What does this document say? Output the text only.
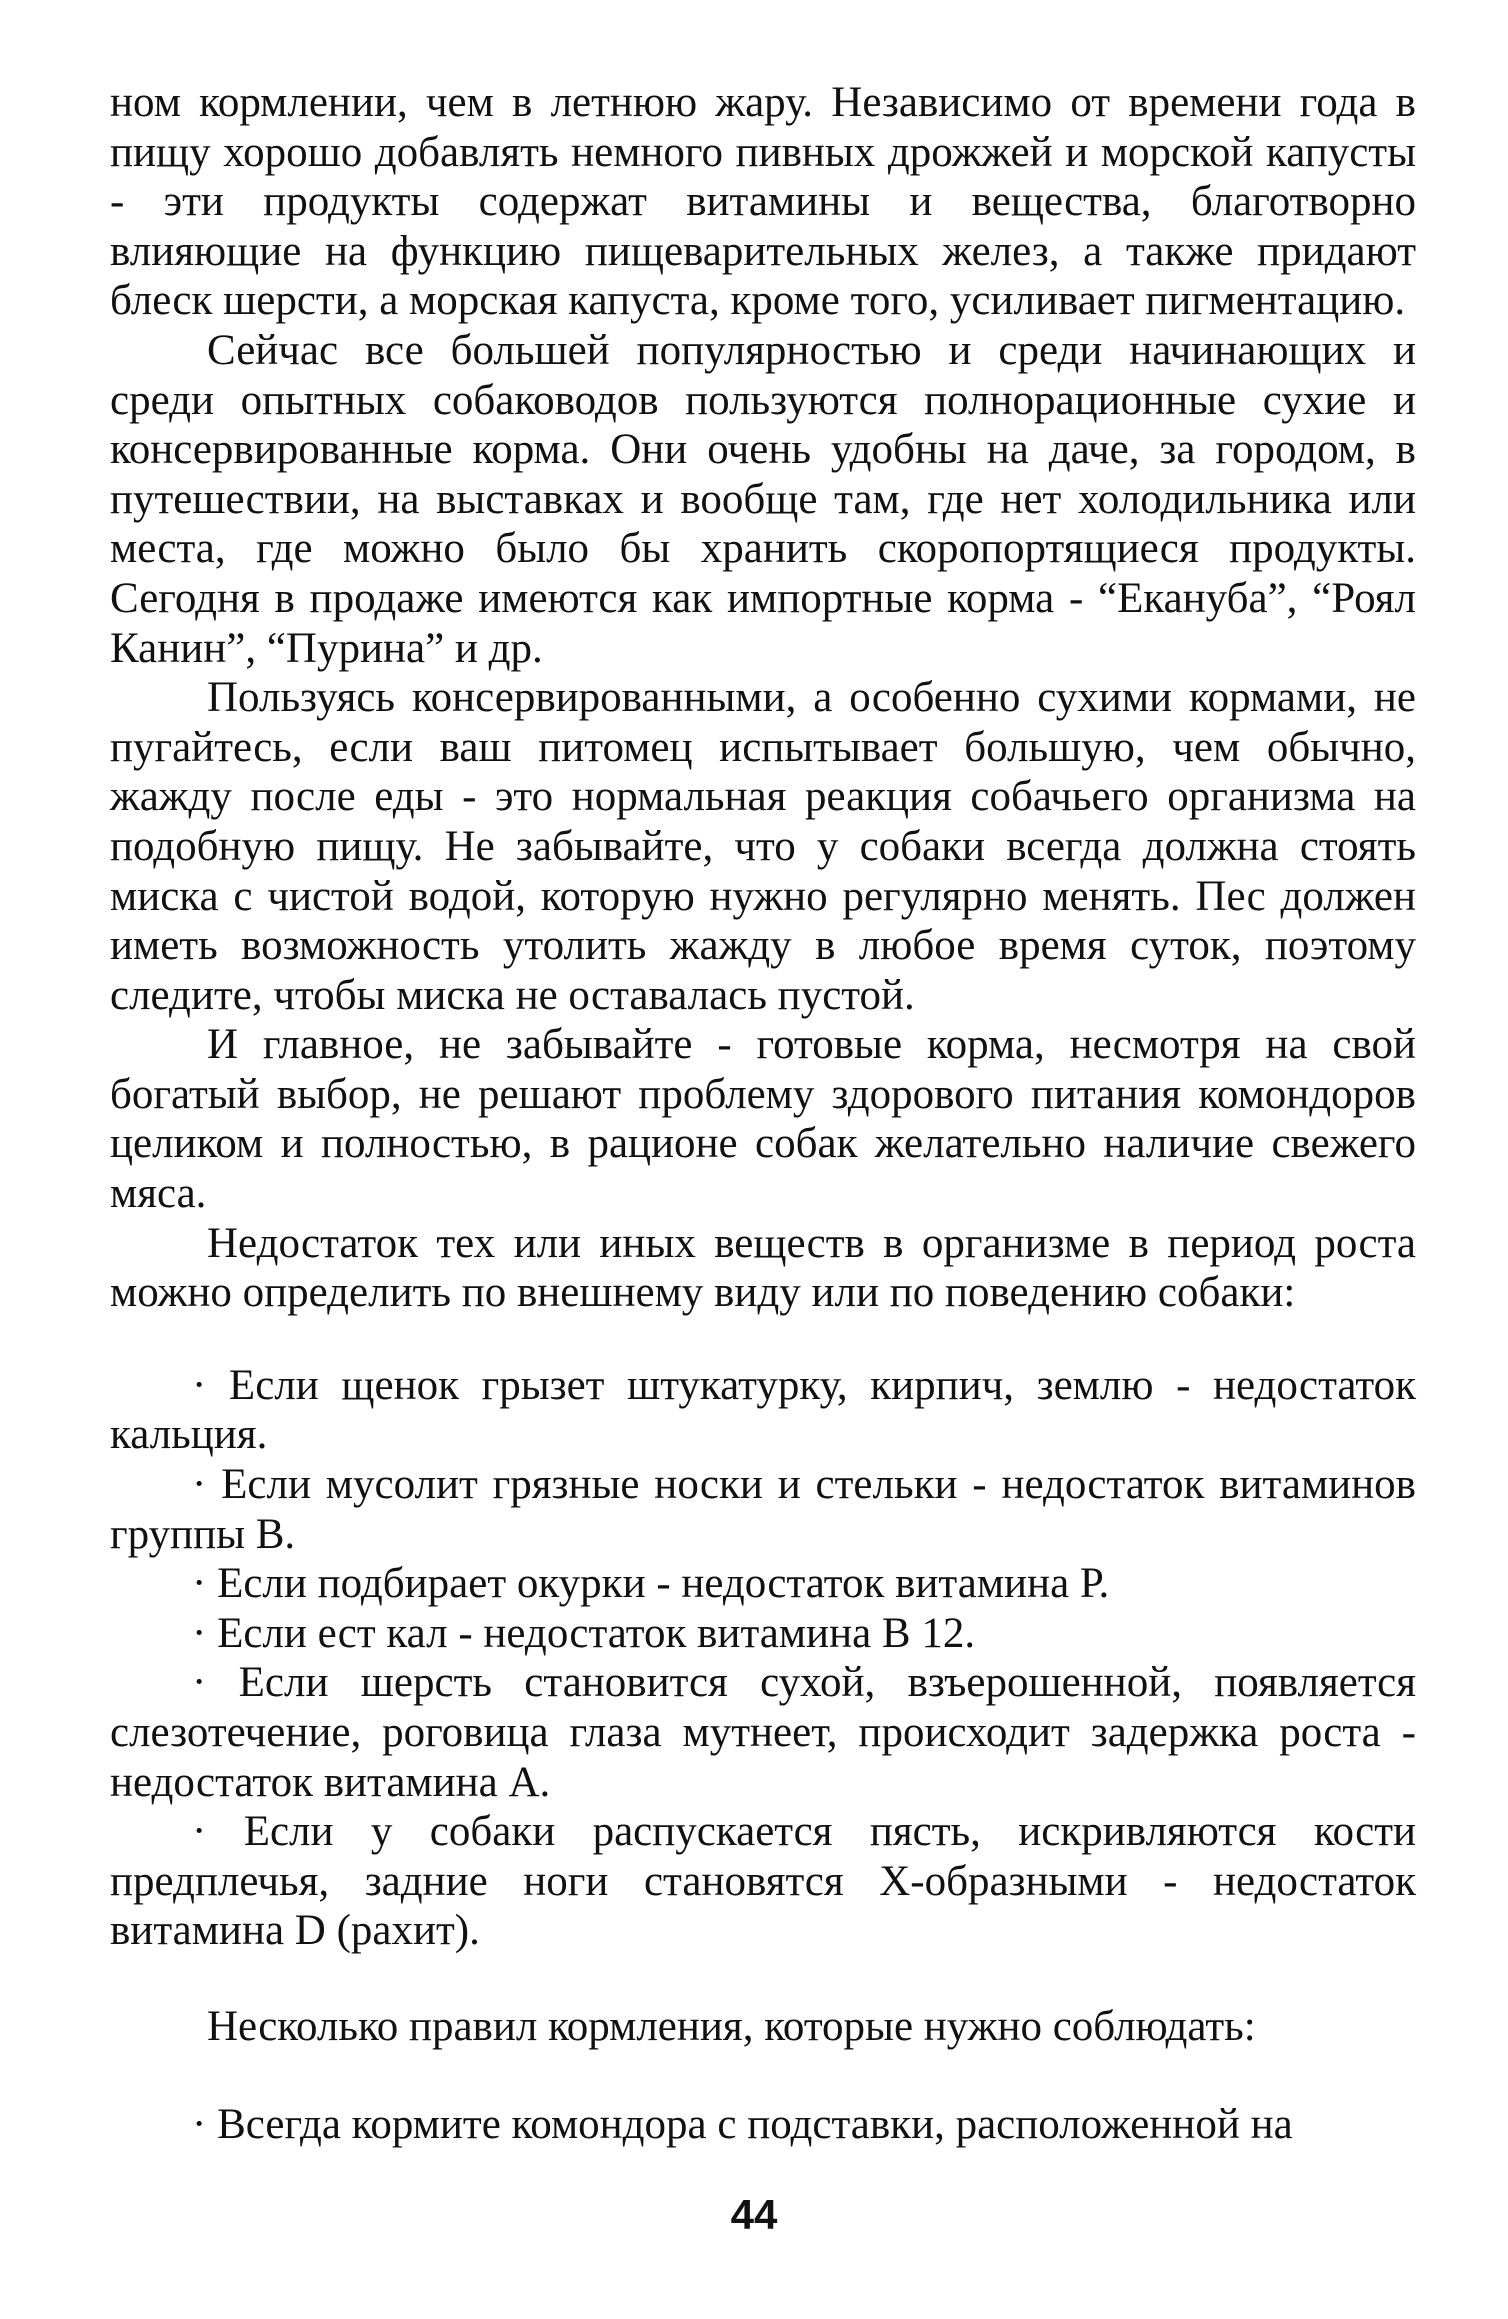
ном кормлении, чем в летнюю жару. Независимо от времени года в пищу хорошо добавлять немного пивных дрожжей и морской капусты - эти продукты содержат витамины и вещества, благотворно влияющие на функцию пищеварительных желез, а также придают блеск шерсти, а морская капуста, кроме того, усиливает пигментацию.

Сейчас все большей популярностью и среди начинающих и среди опытных собаководов пользуются полнорационные сухие и консервированные корма. Они очень удобны на даче, за городом, в путешествии, на выставках и вообще там, где нет холодильника или места, где можно было бы хранить скоропортящиеся продукты. Сегодня в продаже имеются как импортные корма - “Еканубa”, “Роял Канин”, “Пурина” и др.

Пользуясь консервированными, а особенно сухими кормами, не пугайтесь, если ваш питомец испытывает большую, чем обычно, жажду после еды - это нормальная реакция собачьего организма на подобную пищу. Не забывайте, что у собаки всегда должна стоять миска с чистой водой, которую нужно регулярно менять. Пес должен иметь возможность утолить жажду в любое время суток, поэтому следите, чтобы миска не оставалась пустой.

И главное, не забывайте - готовые корма, несмотря на свой богатый выбор, не решают проблему здорового питания комондоров целиком и полностью, в рационе собак желательно наличие свежего мяса.

Недостаток тех или иных веществ в организме в период роста можно определить по внешнему виду или по поведению собаки:

· Если щенок грызет штукатурку, кирпич, землю - недостаток кальция.

· Если мусолит грязные носки и стельки - недостаток витаминов группы В.

· Если подбирает окурки - недостаток витамина Р.

· Если ест кал - недостаток витамина В 12.

· Если шерсть становится сухой, взъерошенной, появляется слезотечение, роговица глаза мутнеет, происходит задержка роста - недостаток витамина А.

· Если у собаки распускается пясть, искривляются кости предплечья, задние ноги становятся Х-образными - недостаток витамина D (рахит).

Несколько правил кормления, которые нужно соблюдать:

· Всегда кормите комондора с подставки, расположенной на

44
